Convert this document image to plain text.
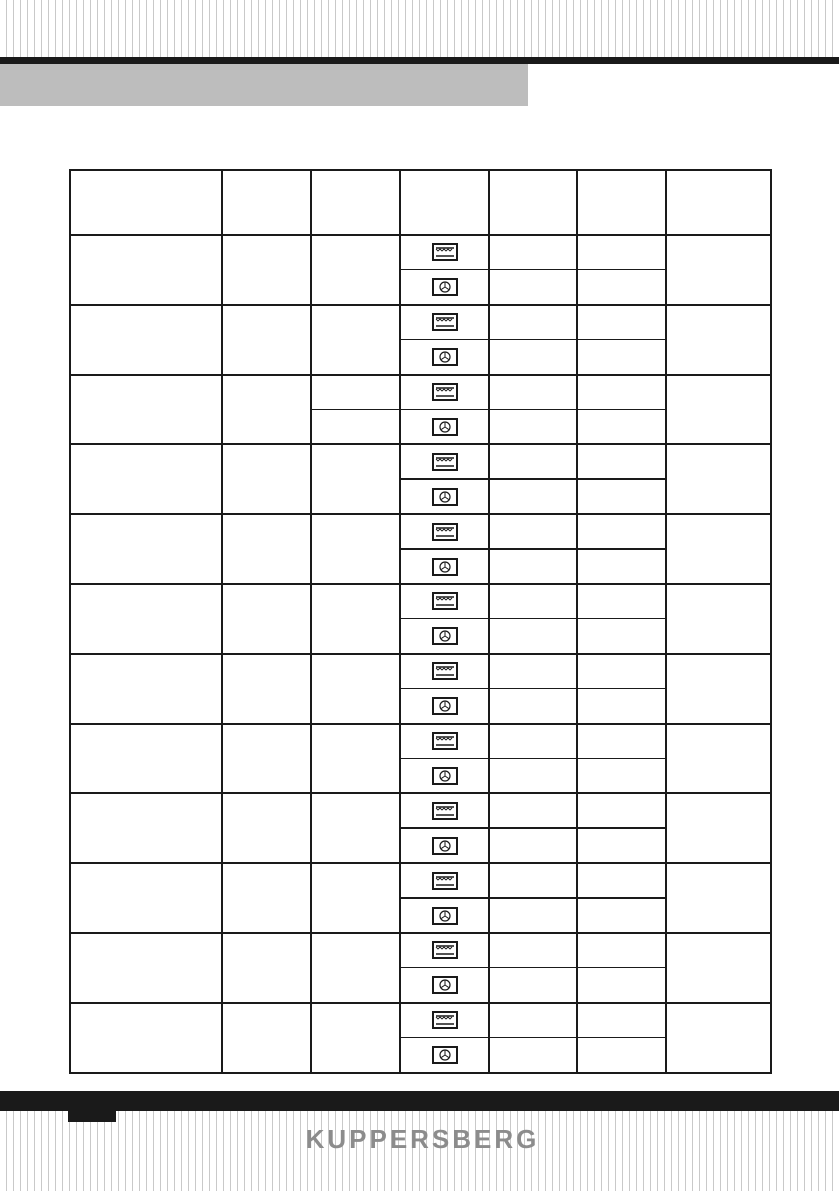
KUPPERSBERG
